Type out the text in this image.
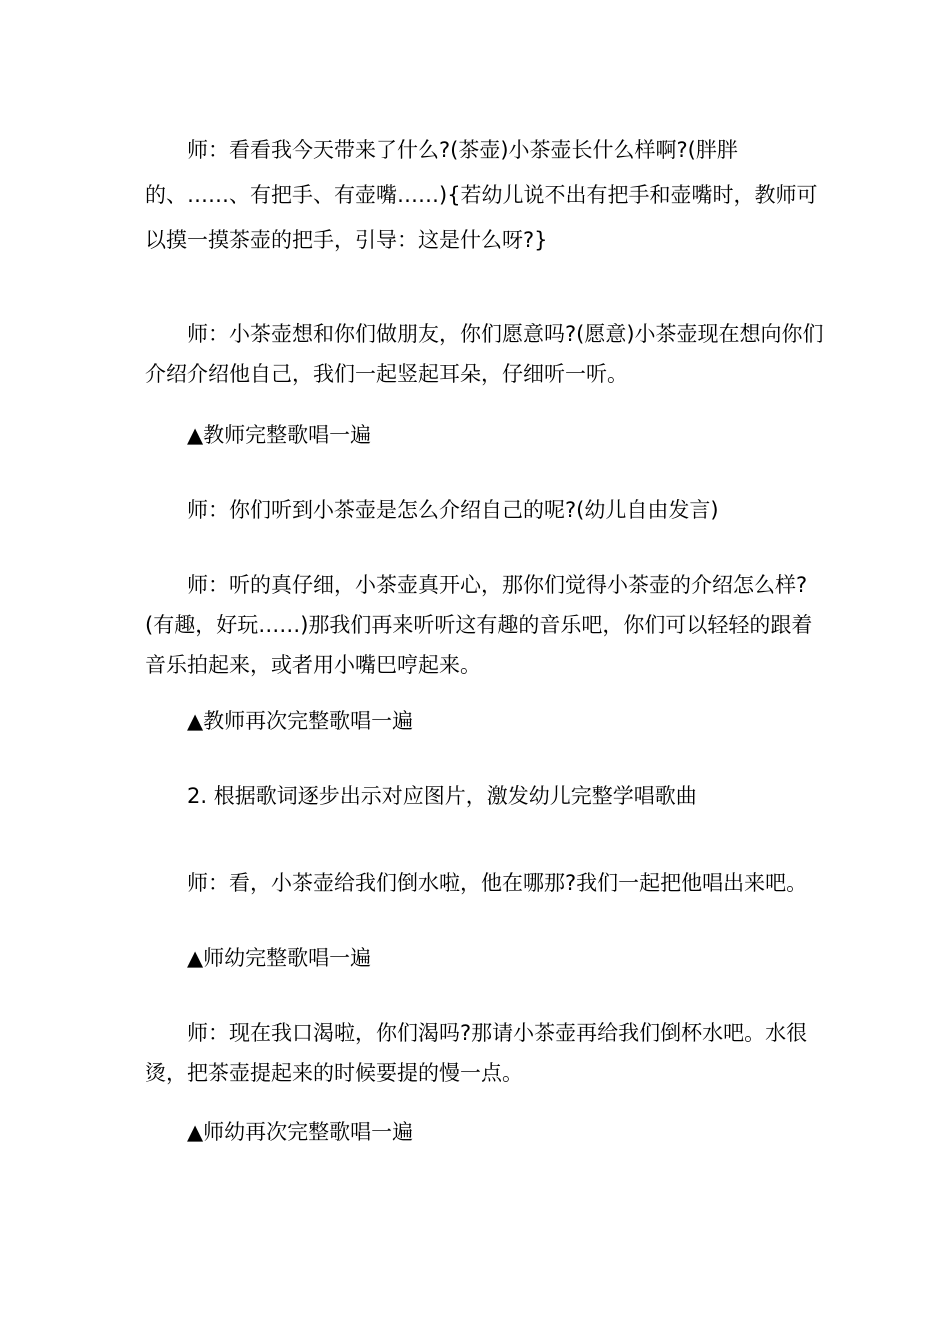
师：看看我今天带来了什么?(茶壶)小茶壶长什么样啊?(胖胖的、……、有把手、有壶嘴……){若幼儿说不出有把手和壶嘴时，教师可以摸一摸茶壶的把手，引导：这是什么呀?}

师：小茶壶想和你们做朋友，你们愿意吗?(愿意)小茶壶现在想向你们介绍介绍他自己，我们一起竖起耳朵，仔细听一听。

▲教师完整歌唱一遍

师：你们听到小茶壶是怎么介绍自己的呢?(幼儿自由发言)

师：听的真仔细，小茶壶真开心，那你们觉得小茶壶的介绍怎么样?(有趣，好玩……)那我们再来听听这有趣的音乐吧，你们可以轻轻的跟着音乐拍起来，或者用小嘴巴哼起来。

▲教师再次完整歌唱一遍

2. 根据歌词逐步出示对应图片，激发幼儿完整学唱歌曲

师：看，小茶壶给我们倒水啦，他在哪那?我们一起把他唱出来吧。

▲师幼完整歌唱一遍

师：现在我口渴啦，你们渴吗?那请小茶壶再给我们倒杯水吧。水很烫，把茶壶提起来的时候要提的慢一点。

▲师幼再次完整歌唱一遍
